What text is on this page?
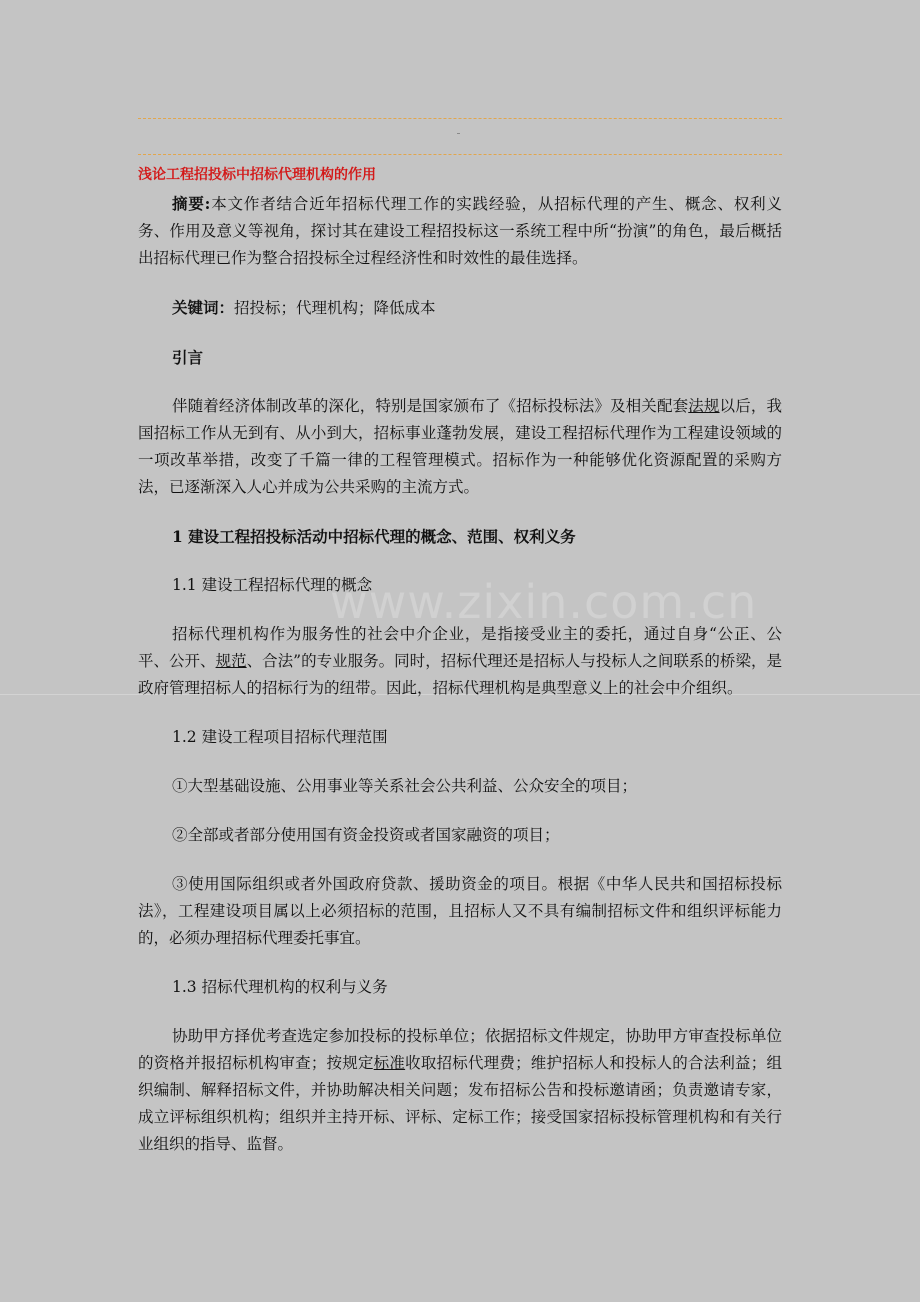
浅论工程招投标中招标代理机构的作用
www.zixin.com.cn

摘要:本文作者结合近年招标代理工作的实践经验，从招标代理的产生、概念、权利义务、作用及意义等视角，探讨其在建设工程招投标这一系统工程中所“扮演”的角色，最后概括出招标代理已作为整合招投标全过程经济性和时效性的最佳选择。

关键词：招投标；代理机构；降低成本

引言

伴随着经济体制改革的深化，特别是国家颁布了《招标投标法》及相关配套法规以后，我国招标工作从无到有、从小到大，招标事业蓬勃发展，建设工程招标代理作为工程建设领域的一项改革举措，改变了千篇一律的工程管理模式。招标作为一种能够优化资源配置的采购方法，已逐渐深入人心并成为公共采购的主流方式。

1 建设工程招投标活动中招标代理的概念、范围、权利义务

1.1 建设工程招标代理的概念

招标代理机构作为服务性的社会中介企业，是指接受业主的委托，通过自身“公正、公平、公开、规范、合法”的专业服务。同时，招标代理还是招标人与投标人之间联系的桥梁，是政府管理招标人的招标行为的纽带。因此，招标代理机构是典型意义上的社会中介组织。

1.2 建设工程项目招标代理范围

①大型基础设施、公用事业等关系社会公共利益、公众安全的项目；

②全部或者部分使用国有资金投资或者国家融资的项目；

③使用国际组织或者外国政府贷款、援助资金的项目。根据《中华人民共和国招标投标法》，工程建设项目属以上必须招标的范围，且招标人又不具有编制招标文件和组织评标能力的，必须办理招标代理委托事宜。

1.3 招标代理机构的权利与义务

协助甲方择优考查选定参加投标的投标单位；依据招标文件规定，协助甲方审查投标单位的资格并报招标机构审查；按规定标准收取招标代理费；维护招标人和投标人的合法利益；组织编制、解释招标文件，并协助解决相关问题；发布招标公告和投标邀请函；负责邀请专家，成立评标组织机构；组织并主持开标、评标、定标工作；接受国家招标投标管理机构和有关行业组织的指导、监督。
